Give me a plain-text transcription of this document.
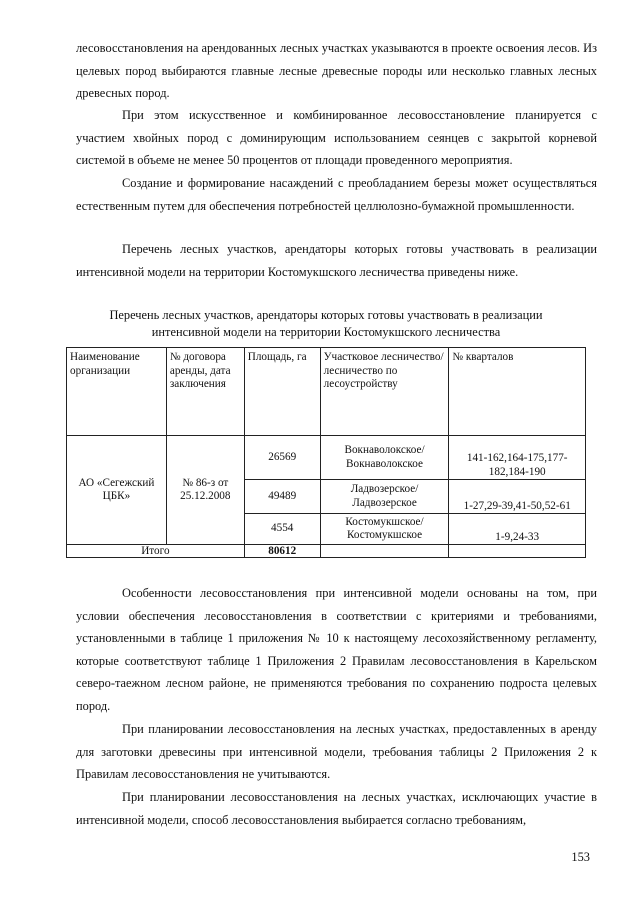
лесовосстановления на арендованных лесных участках указываются в проекте освоения лесов. Из целевых пород выбираются главные лесные древесные породы или несколько главных лесных древесных пород.

При этом искусственное и комбинированное лесовосстановление планируется с участием хвойных пород с доминирующим использованием сеянцев с закрытой корневой системой в объеме не менее 50 процентов от площади проведенного мероприятия.

Создание и формирование насаждений с преобладанием березы может осуществляться естественным путем для обеспечения потребностей целлюлозно-бумажной промышленности.

Перечень лесных участков, арендаторы которых готовы участвовать в реализации интенсивной модели на территории Костомукшского лесничества приведены ниже.

Перечень лесных участков, арендаторы которых готовы участвовать в реализации
интенсивной модели на территории Костомукшского лесничества
Наименование организации	№ договора аренды, дата заключения	Площадь, га	Участковое лесничество/ лесничество по лесоустройству	№ кварталов
АО «Сегежский ЦБК»	№ 86-з от 25.12.2008	26569	Вокнаволокское/ Вокнаволокское	141-162,164-175,177-182,184-190
		49489	Ладвозерское/ Ладвозерское	1-27,29-39,41-50,52-61
		4554	Костомукшское/ Костомукшское	1-9,24-33
Итого		80612		

Особенности лесовосстановления при интенсивной модели основаны на том, при условии обеспечения лесовосстановления в соответствии с критериями и требованиями, установленными в таблице 1 приложения № 10 к настоящему лесохозяйственному регламенту, которые соответствуют таблице 1 Приложения 2 Правилам лесовосстановления в Карельском северо-таежном лесном районе, не применяются требования по сохранению подроста целевых пород.

При планировании лесовосстановления на лесных участках, предоставленных в аренду для заготовки древесины при интенсивной модели, требования таблицы 2 Приложения 2 к Правилам лесовосстановления не учитываются.

При планировании лесовосстановления на лесных участках, исключающих участие в интенсивной модели, способ лесовосстановления выбирается согласно требованиям,

153
